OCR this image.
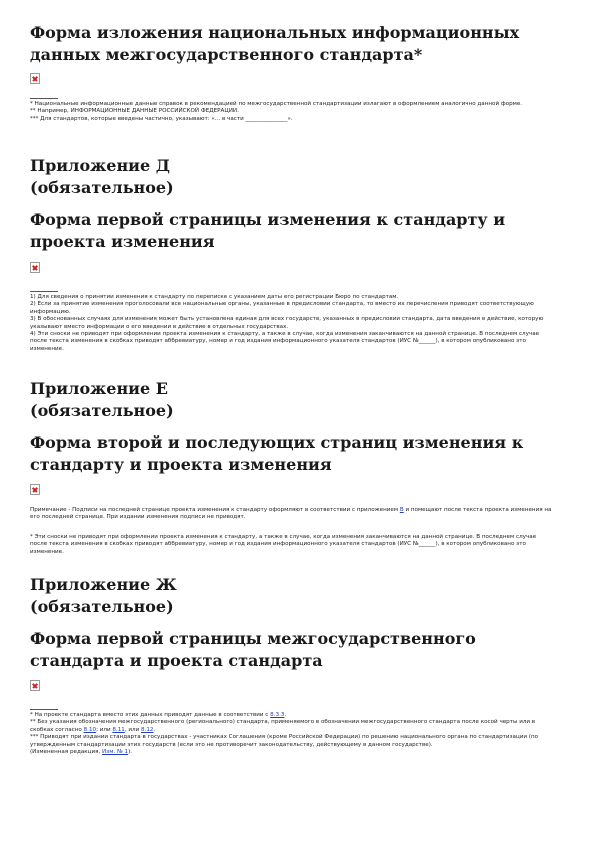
Форма изложения национальных информационных данных межгосударственного стандарта*

* Национальные информационные данные справок в рекомендацией по межгосударственной стандартизации излагают в оформлением аналогично данной форме.

** Например, ИНФОРМАЦИОННЫЕ ДАННЫЕ РОССИЙСКОЙ ФЕДЕРАЦИИ.

*** Для стандартов, которые введены частично, указывают: «... в части _______________».

Приложение Д
(обязательное)
Форма первой страницы изменения к стандарту и проекта изменения

1) Для сведения о принятии изменения к стандарту по переписке с указанием даты его регистрации Бюро по стандартам.

2) Если за принятие изменения проголосовали все национальные органы, указанные в предисловии стандарта, то вместо их перечисления приводят соответствующую информацию.

3) В обоснованных случаях для изменения может быть установлена единая для всех государств, указанных в предисловии стандарта, дата введения в действие, которую указывают вместо информации о его введении в действие в отдельных государствах.

4) Эти сноски не приводят при оформлении проекта изменения к стандарту, а также в случае, когда изменения заканчиваются на данной странице. В последнем случае после текста изменения в скобках приводят аббревиатуру, номер и год издания информационного указателя стандартов (ИУС №______), в котором опубликовано это изменение.

Приложение Е
(обязательное)
Форма второй и последующих страниц изменения к стандарту и проекта изменения

Примечание - Подписи на последней странице проекта изменения к стандарту оформляют в соответствии с приложением В и помещают после текста проекта изменения на его последней странице. При издании изменения подписи не приводят.

* Эти сноски не приводят при оформлении проекта изменения к стандарту, а также в случае, когда изменения заканчиваются на данной странице. В последнем случае после текста изменения в скобках приводят аббревиатуру, номер и год издания информационного указателя стандартов (ИУС №______), в котором опубликовано это изменение.

Приложение Ж
(обязательное)
Форма первой страницы межгосударственного стандарта и проекта стандарта

* На проекте стандарта вместо этих данных приводят данные в соответствии с 8.3.3.

** Без указания обозначения межгосударственного (регионального) стандарта, применяемого в обозначении межгосударственного стандарта после косой черты или в скобках согласно 8.10; или 8.11, или 8.12.

*** Приводят при издании стандарта в государствах - участниках Соглашения (кроме Российской Федерации) по решению национального органа по стандартизации (по утвержденным стандартизации этих государств (если это не противоречит законодательству, действующему в данном государстве).

(Измененная редакция, Изм. № 1).
